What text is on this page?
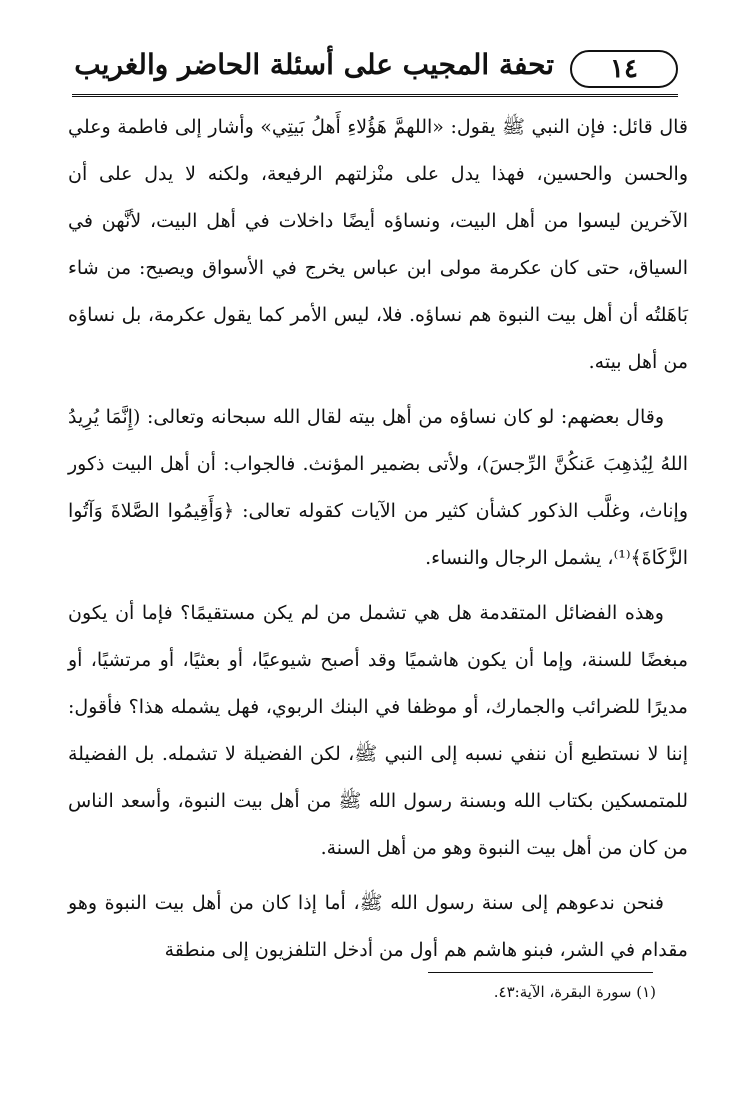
١٤
تحفة المجيب على أسئلة الحاضر والغريب

قال قائل: فإن النبي ﷺ يقول: «اللهمَّ هَؤُلاءِ أَهلُ بَيتِي» وأشار إلى فاطمة وعلي والحسن والحسين، فهذا يدل على منْزلتهم الرفيعة، ولكنه لا يدل على أن الآخرين ليسوا من أهل البيت، ونساؤه أيضًا داخلات في أهل البيت، لأنَّهن في السياق، حتى كان عكرمة مولى ابن عباس يخرج في الأسواق ويصيح: من شاء بَاهَلتُه أن أهل بيت النبوة هم نساؤه. فلا، ليس الأمر كما يقول عكرمة، بل نساؤه من أهل بيته.

وقال بعضهم: لو كان نساؤه من أهل بيته لقال الله سبحانه وتعالى: (إِنَّمَا يُرِيدُ اللهُ لِيُذهِبَ عَنكُنَّ الرِّجسَ)، ولأتى بضمير المؤنث. فالجواب: أن أهل البيت ذكور وإناث، وغلَّب الذكور كشأن كثير من الآيات كقوله تعالى: ﴿وَأَقِيمُوا الصَّلاةَ وَآتُوا الزَّكَاةَ﴾⁽¹⁾، يشمل الرجال والنساء.

وهذه الفضائل المتقدمة هل هي تشمل من لم يكن مستقيمًا؟ فإما أن يكون مبغضًا للسنة، وإما أن يكون هاشميًا وقد أصبح شيوعيًا، أو بعثيًا، أو مرتشيًا، أو مديرًا للضرائب والجمارك، أو موظفا في البنك الربوي، فهل يشمله هذا؟ فأقول: إننا لا نستطيع أن ننفي نسبه إلى النبي ﷺ، لكن الفضيلة لا تشمله. بل الفضيلة للمتمسكين بكتاب الله وبسنة رسول الله ﷺ من أهل بيت النبوة، وأسعد الناس من كان من أهل بيت النبوة وهو من أهل السنة.

فنحن ندعوهم إلى سنة رسول الله ﷺ، أما إذا كان من أهل بيت النبوة وهو مقدام في الشر، فبنو هاشم هم أول من أدخل التلفزيون إلى منطقة

(١) سورة البقرة، الآية:٤٣.
